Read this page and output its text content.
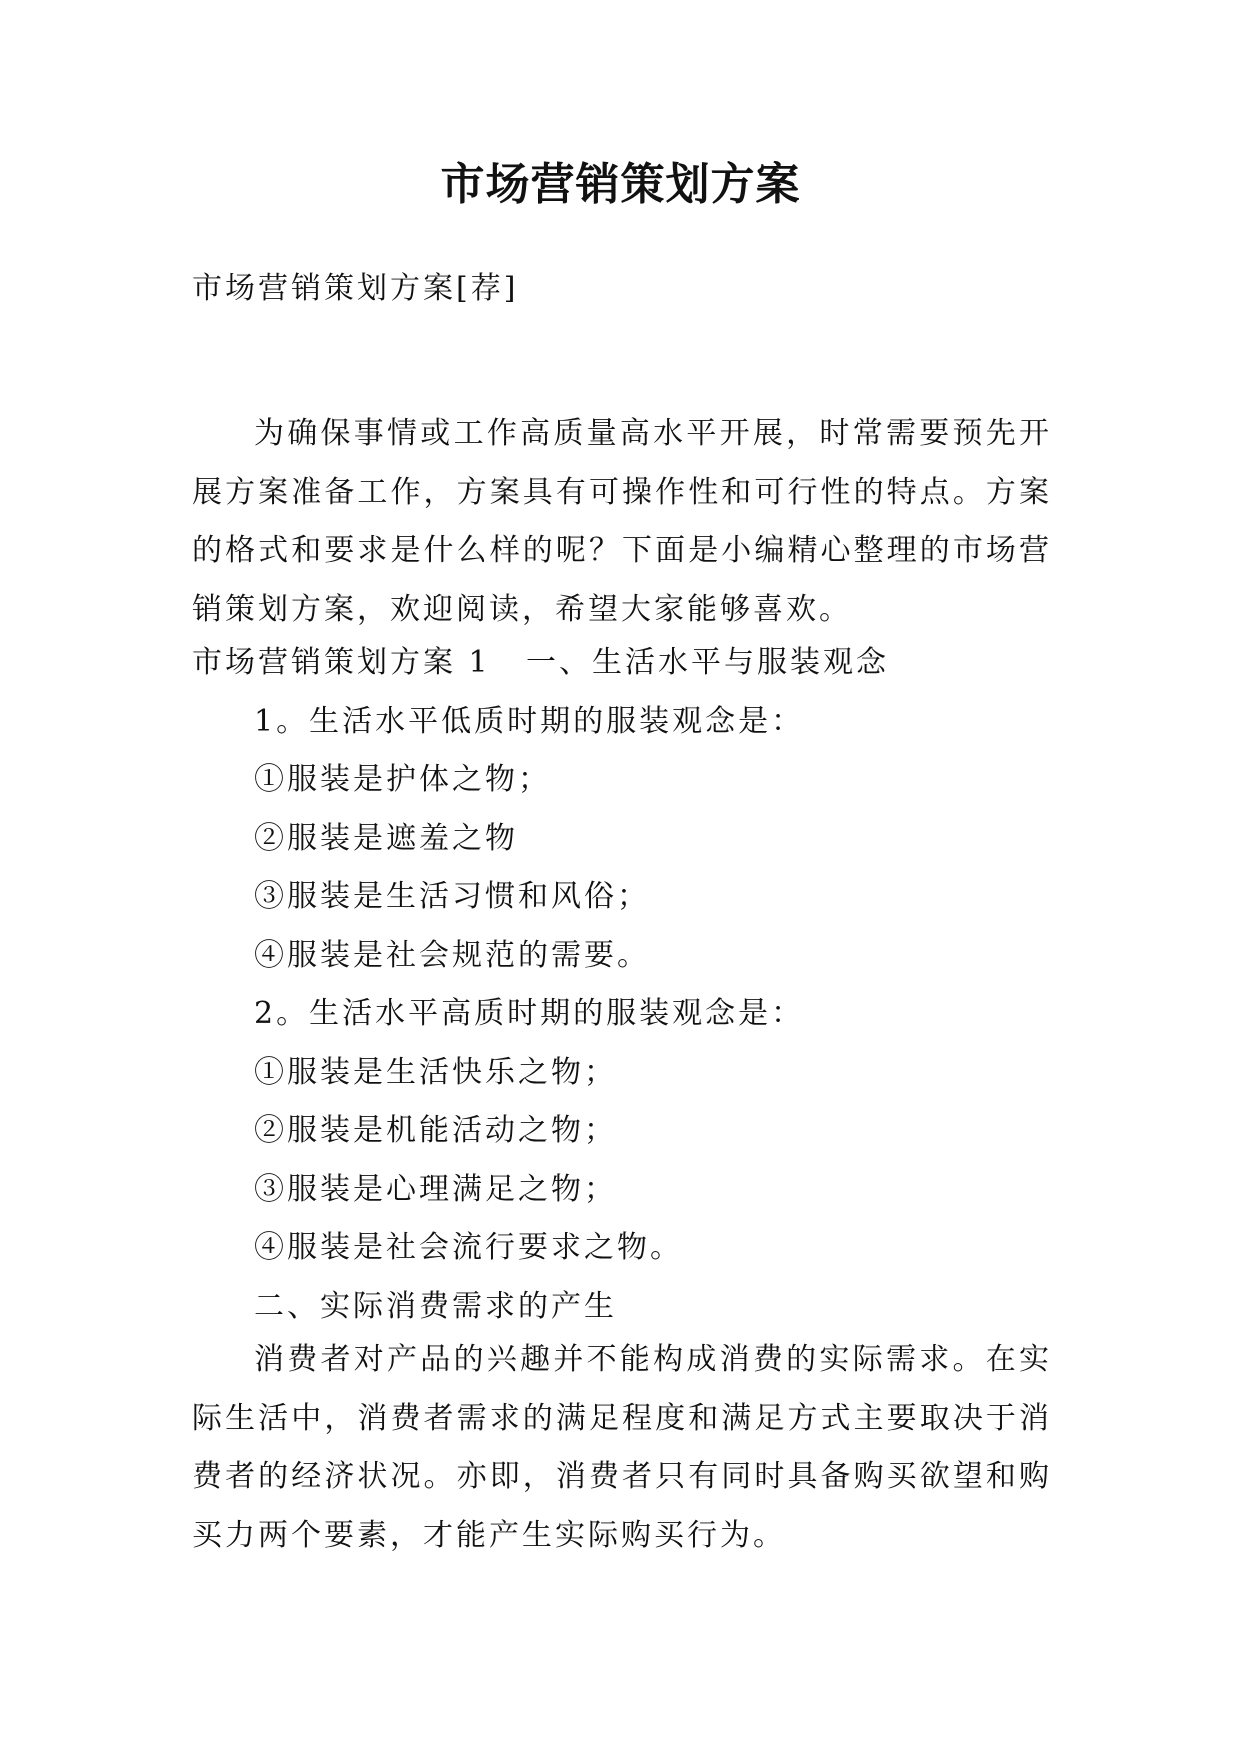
市场营销策划方案
市场营销策划方案[荐]
为确保事情或工作高质量高水平开展，时常需要预先开展方案准备工作，方案具有可操作性和可行性的特点。方案的格式和要求是什么样的呢？下面是小编精心整理的市场营销策划方案，欢迎阅读，希望大家能够喜欢。
市场营销策划方案 1 一、生活水平与服装观念
1。生活水平低质时期的服装观念是：
①服装是护体之物；
②服装是遮羞之物
③服装是生活习惯和风俗；
④服装是社会规范的需要。
2。生活水平高质时期的服装观念是：
①服装是生活快乐之物；
②服装是机能活动之物；
③服装是心理满足之物；
④服装是社会流行要求之物。
二、实际消费需求的产生
消费者对产品的兴趣并不能构成消费的实际需求。在实际生活中，消费者需求的满足程度和满足方式主要取决于消费者的经济状况。亦即，消费者只有同时具备购买欲望和购买力两个要素，才能产生实际购买行为。
